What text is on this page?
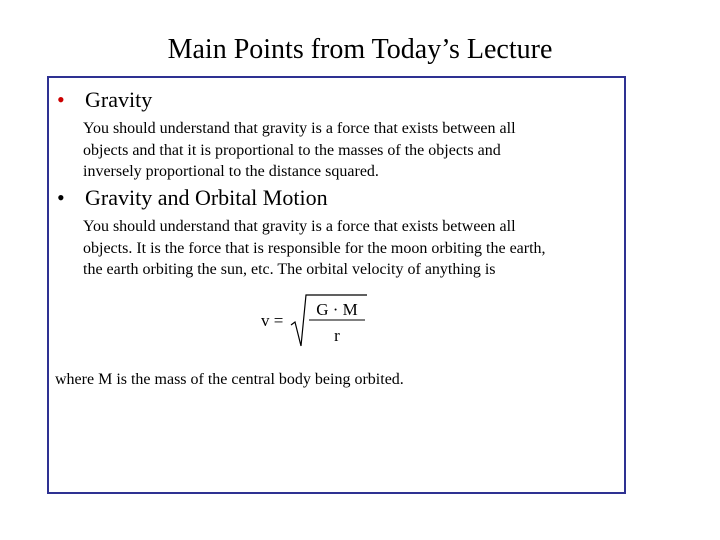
Main Points from Today’s Lecture
• Gravity
You should understand that gravity is a force that exists between all
objects and that it is proportional to the masses of the objects and
inversely proportional to the distance squared.
• Gravity and Orbital Motion
You should understand that gravity is a force that exists between all
objects. It is the force that is responsible for the moon orbiting the earth,
the earth orbiting the sun, etc. The orbital velocity of anything is
v =
G · M
r
where M is the mass of the central body being orbited.
